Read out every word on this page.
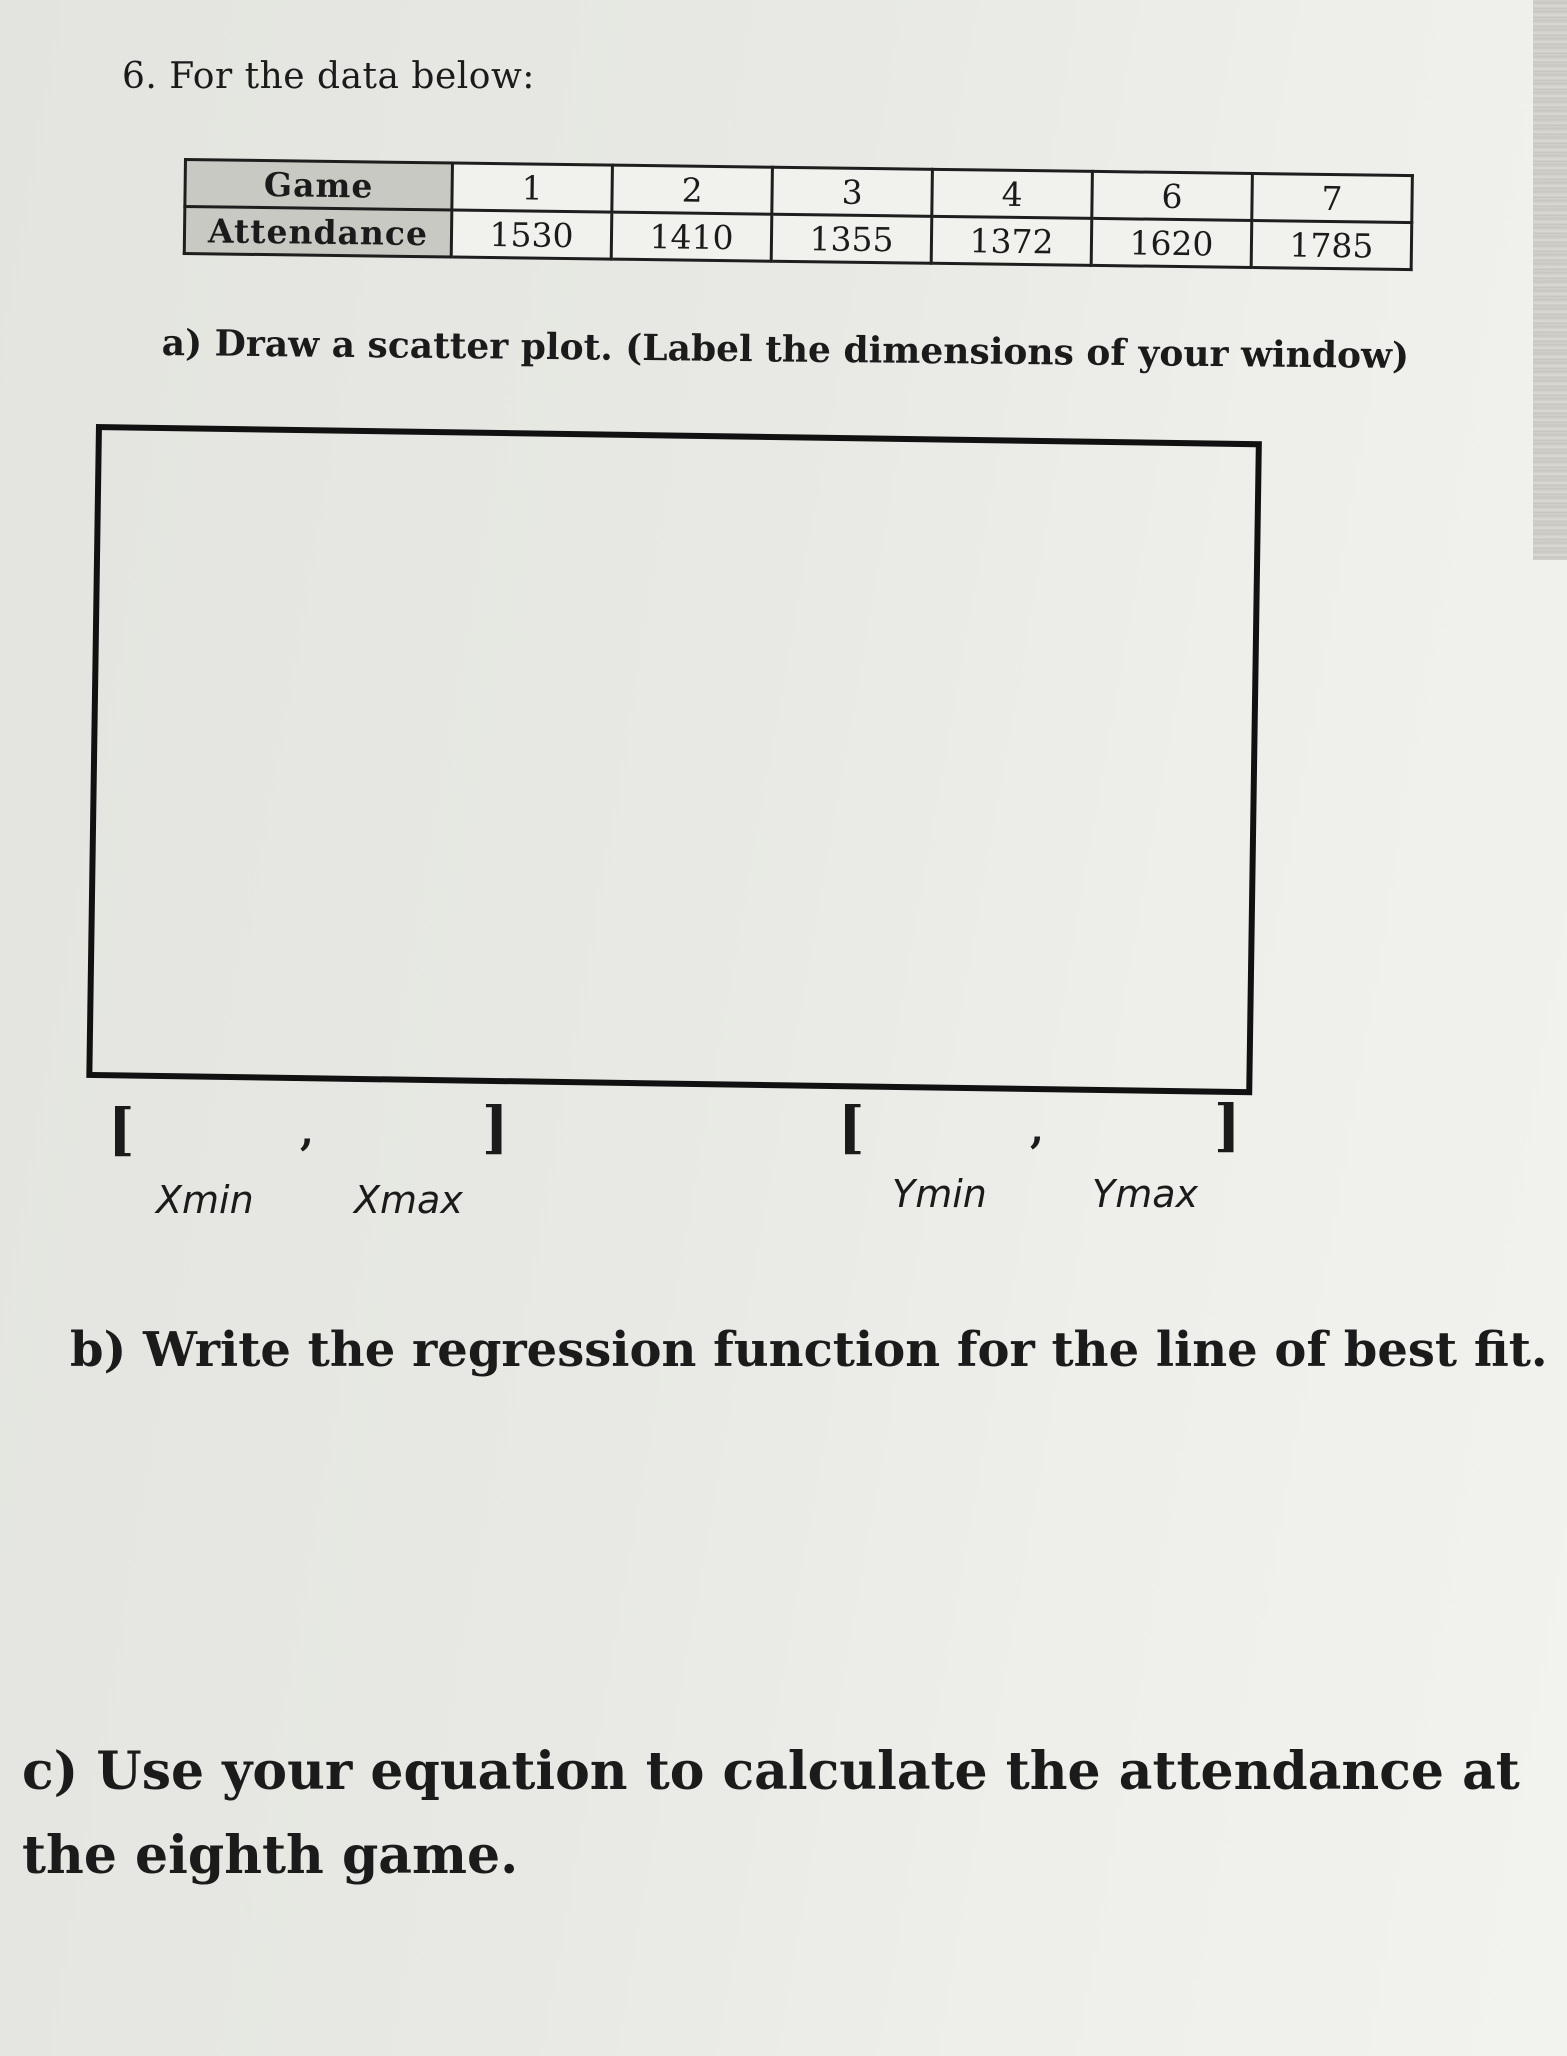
6. For the data below:
Game	1	2	3	4	6	7
Attendance	1530	1410	1355	1372	1620	1785
a) Draw a scatter plot. (Label the dimensions of your window)
[	,	]
Xmin	Xmax
[	,	]
Ymin	Ymax
b) Write the regression function for the line of best fit.
c) Use your equation to calculate the attendance at the eighth game.
